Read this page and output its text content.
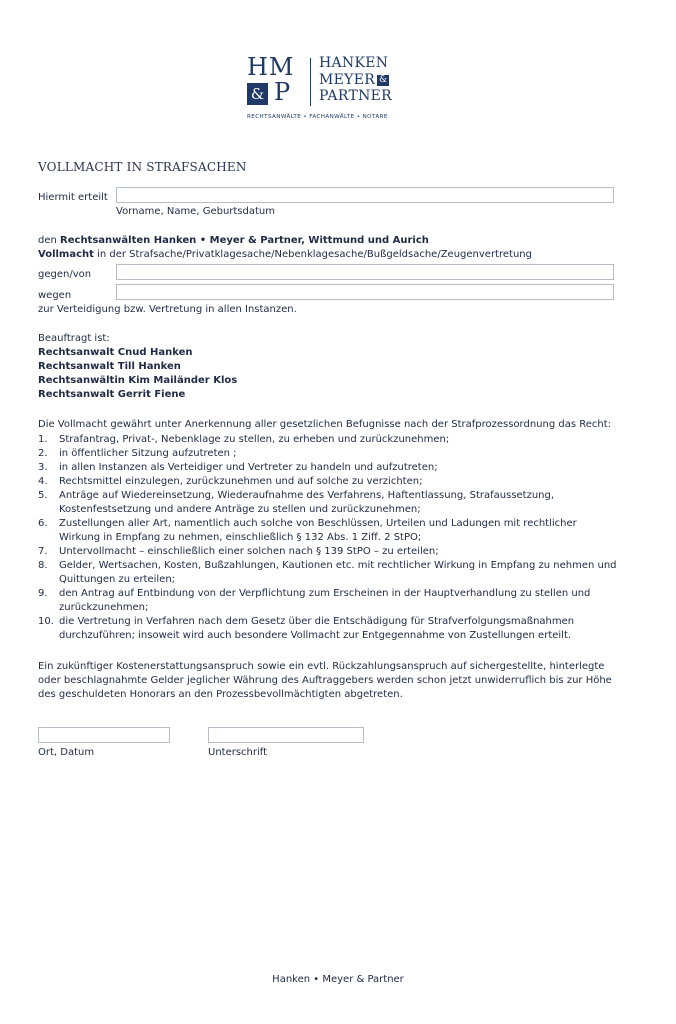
HM
& P
HANKEN
MEYER &
PARTNER
RECHTSANWÄLTE • FACHANWÄLTE • NOTARE
VOLLMACHT IN STRAFSACHEN
Hiermit erteilt
Vorname, Name, Geburtsdatum
den Rechtsanwälten Hanken • Meyer & Partner, Wittmund und Aurich
Vollmacht in der Strafsache/Privatklagesache/Nebenklagesache/Bußgeldsache/Zeugenvertretung
gegen/von
wegen
zur Verteidigung bzw. Vertretung in allen Instanzen.
Beauftragt ist:
Rechtsanwalt Cnud Hanken
Rechtsanwalt Till Hanken
Rechtsanwältin Kim Mailänder Klos
Rechtsanwalt Gerrit Fiene
Die Vollmacht gewährt unter Anerkennung aller gesetzlichen Befugnisse nach der Strafprozessordnung das Recht:
1. Strafantrag, Privat-, Nebenklage zu stellen, zu erheben und zurückzunehmen;
2. in öffentlicher Sitzung aufzutreten ;
3. in allen Instanzen als Verteidiger und Vertreter zu handeln und aufzutreten;
4. Rechtsmittel einzulegen, zurückzunehmen und auf solche zu verzichten;
5. Anträge auf Wiedereinsetzung, Wiederaufnahme des Verfahrens, Haftentlassung, Strafaussetzung,
Kostenfestsetzung und andere Anträge zu stellen und zurückzunehmen;
6. Zustellungen aller Art, namentlich auch solche von Beschlüssen, Urteilen und Ladungen mit rechtlicher
Wirkung in Empfang zu nehmen, einschließlich § 132 Abs. 1 Ziff. 2 StPO;
7. Untervollmacht – einschließlich einer solchen nach § 139 StPO – zu erteilen;
8. Gelder, Wertsachen, Kosten, Bußzahlungen, Kautionen etc. mit rechtlicher Wirkung in Empfang zu nehmen und
Quittungen zu erteilen;
9. den Antrag auf Entbindung von der Verpflichtung zum Erscheinen in der Hauptverhandlung zu stellen und
zurückzunehmen;
10. die Vertretung in Verfahren nach dem Gesetz über die Entschädigung für Strafverfolgungsmaßnahmen
durchzuführen; insoweit wird auch besondere Vollmacht zur Entgegennahme von Zustellungen erteilt.
Ein zukünftiger Kostenerstattungsanspruch sowie ein evtl. Rückzahlungsanspruch auf sichergestellte, hinterlegte
oder beschlagnahmte Gelder jeglicher Währung des Auftraggebers werden schon jetzt unwiderruflich bis zur Höhe
des geschuldeten Honorars an den Prozessbevollmächtigten abgetreten.
Ort, Datum	Unterschrift
Hanken • Meyer & Partner
